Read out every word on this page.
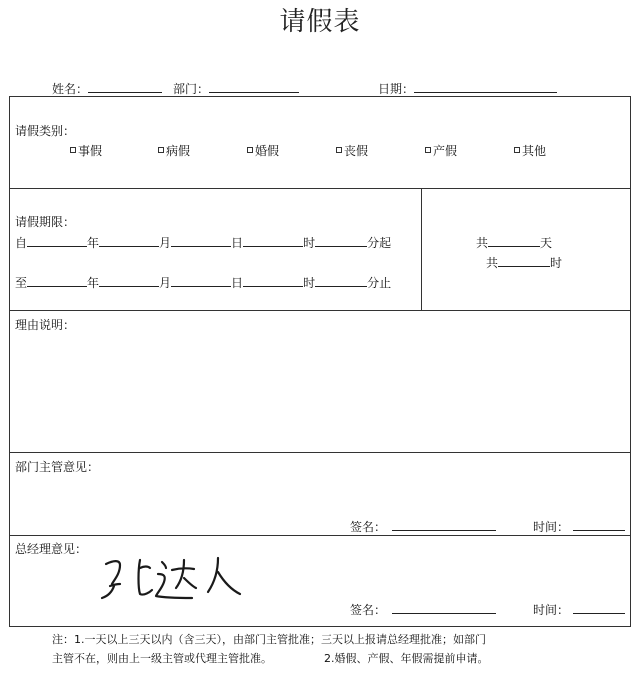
请假表
姓名：	部门：	日期：
请假类别：
事假	病假	婚假	丧假	产假	其他
请假期限：
自	年	月	日	时	分起
至	年	月	日	时	分止
共	天
共	时
理由说明：
部门主管意见：
签名：	时间：
总经理意见：
签名：	时间：
注：1.一天以上三天以内（含三天），由部门主管批准；三天以上报请总经理批准；如部门
主管不在，则由上一级主管或代理主管批准。	2.婚假、产假、年假需提前申请。
